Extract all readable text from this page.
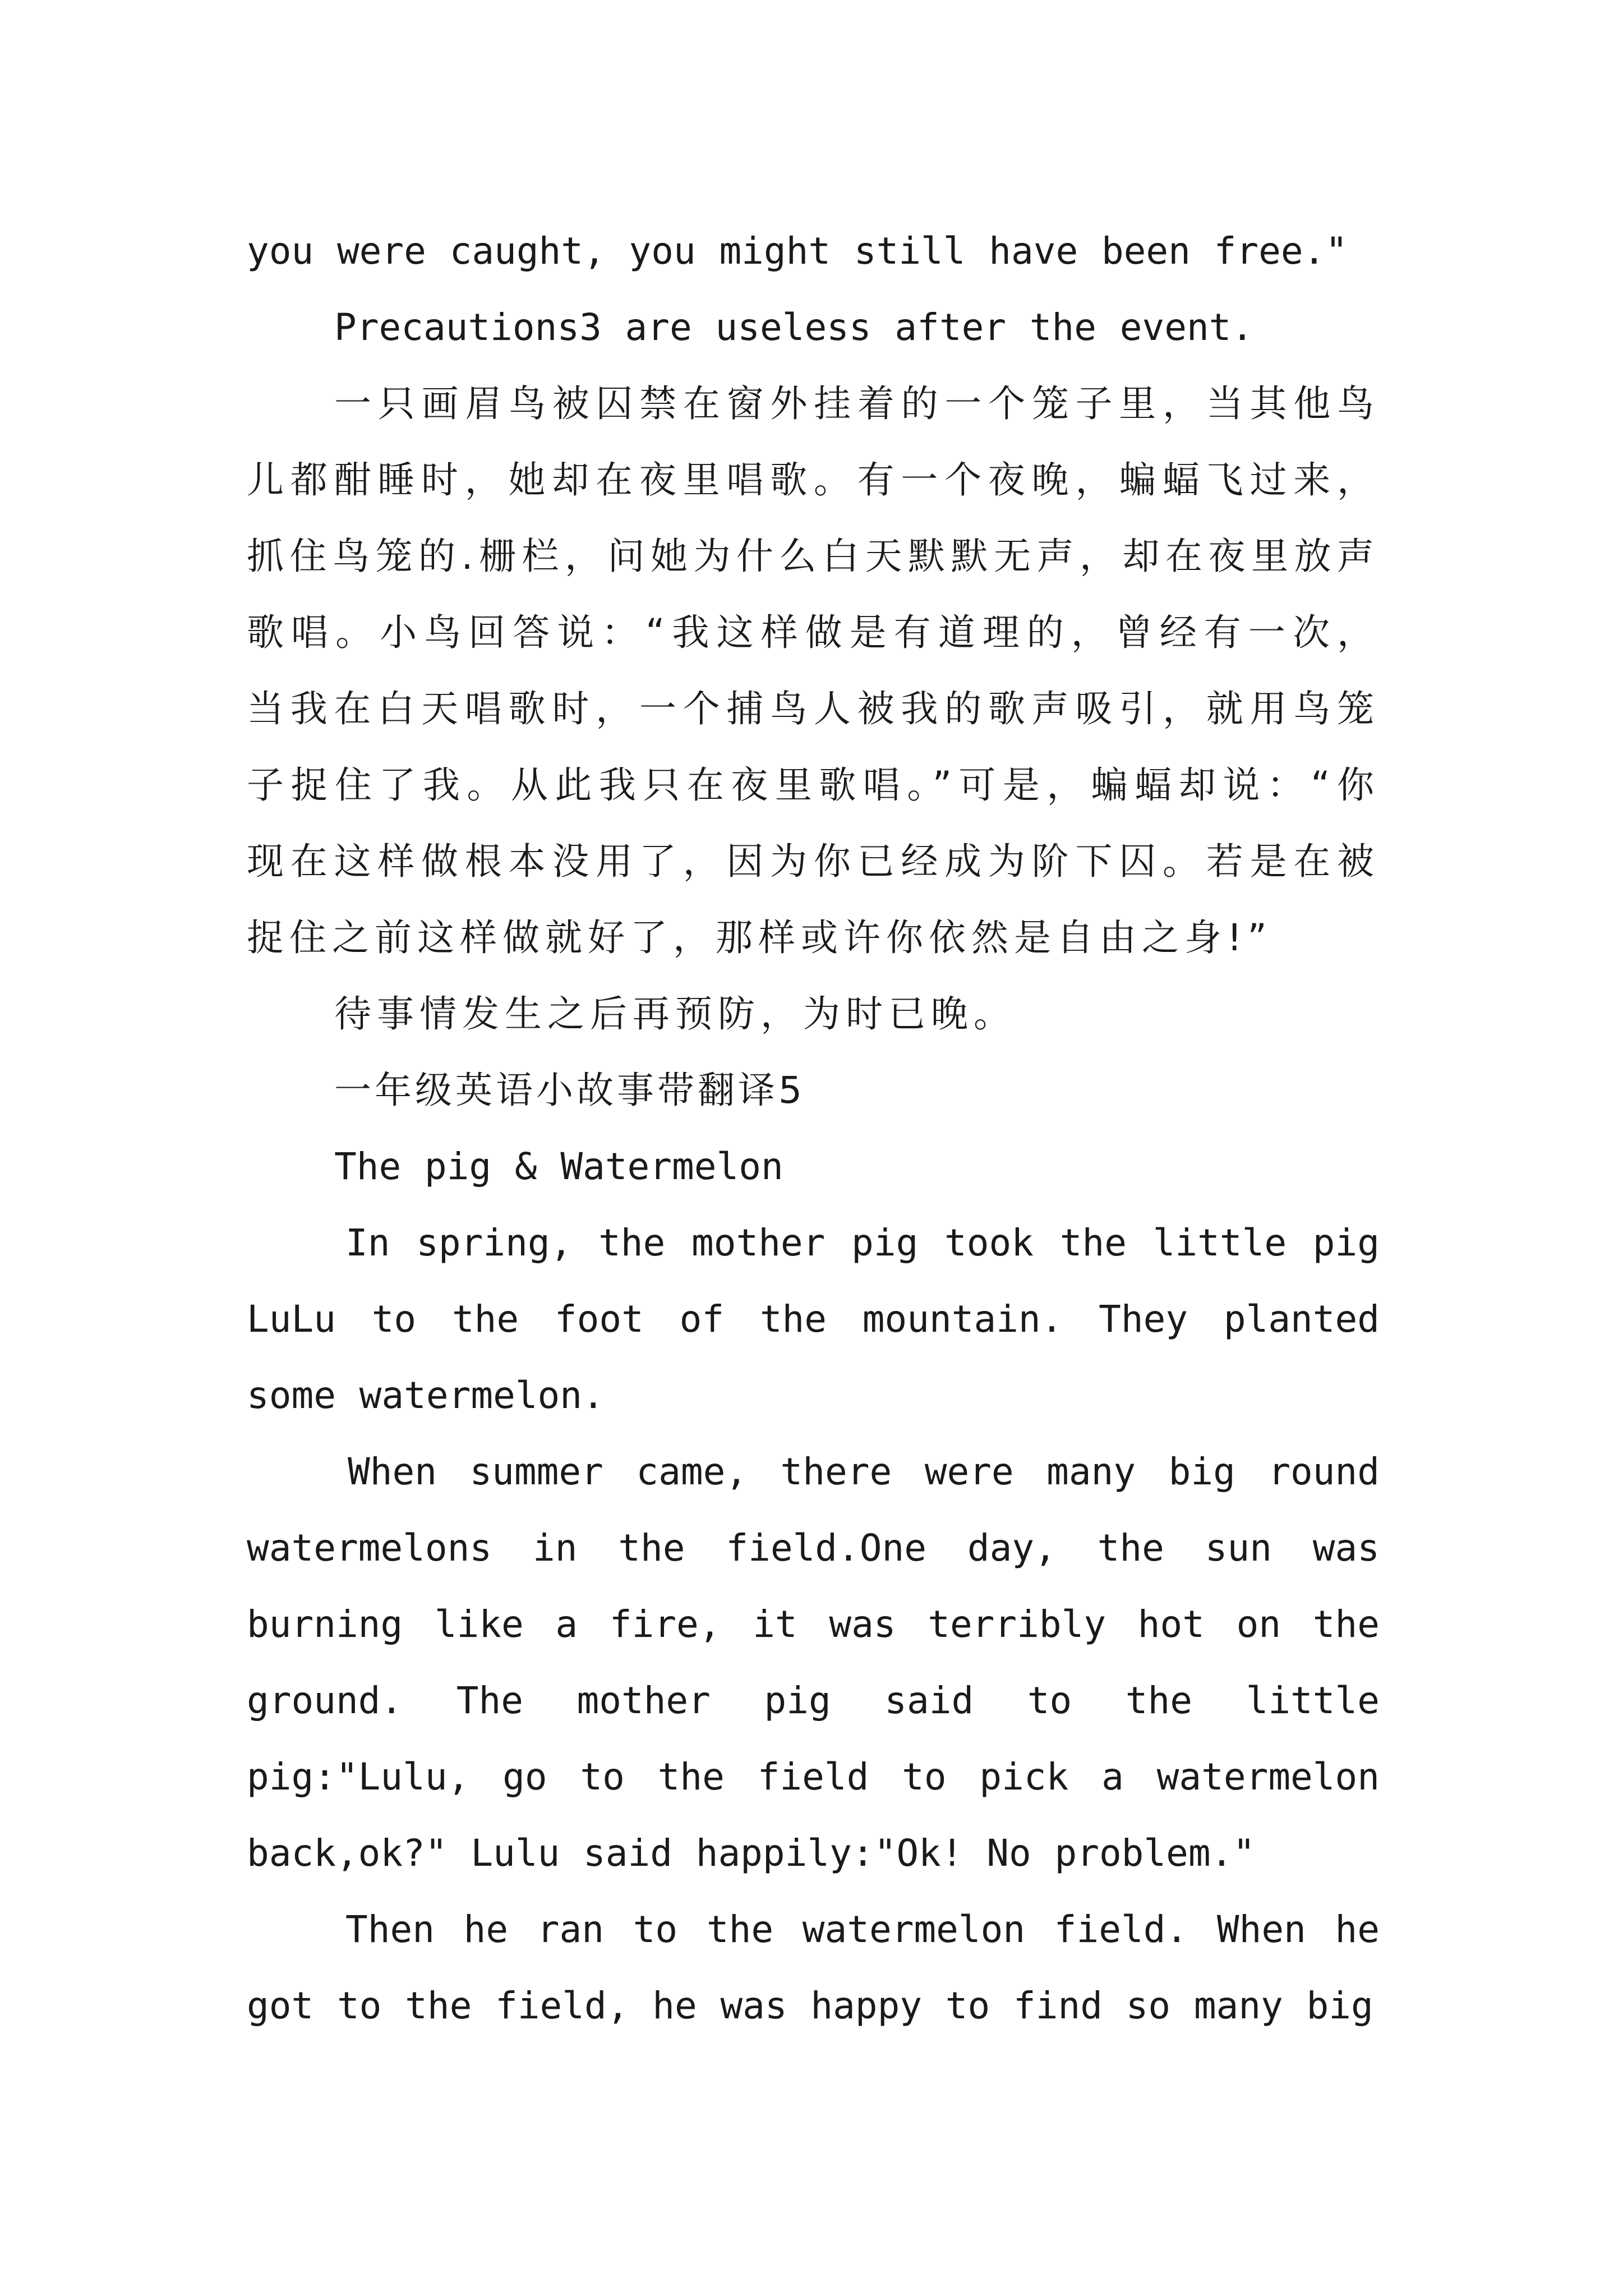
you were caught, you might still have been free."

Precautions3 are useless after the event.

一只画眉鸟被囚禁在窗外挂着的一个笼子里，当其他鸟儿都酣睡时，她却在夜里唱歌。有一个夜晚，蝙蝠飞过来，抓住鸟笼的.栅栏，问她为什么白天默默无声，却在夜里放声歌唱。小鸟回答说：“我这样做是有道理的，曾经有一次，当我在白天唱歌时，一个捕鸟人被我的歌声吸引，就用鸟笼子捉住了我。从此我只在夜里歌唱。”可是，蝙蝠却说：“你现在这样做根本没用了，因为你已经成为阶下囚。若是在被捉住之前这样做就好了，那样或许你依然是自由之身!”

待事情发生之后再预防，为时已晚。

一年级英语小故事带翻译5

The pig & Watermelon

In spring, the mother pig took the little pig LuLu to the foot of the mountain. They planted some watermelon.

When summer came, there were many big round watermelons in the field.One day, the sun was burning like a fire, it was terribly hot on the ground. The mother pig said to the little pig:"Lulu, go to the field to pick a watermelon back,ok?" Lulu said happily:"Ok! No problem."

Then he ran to the watermelon field. When he got to the field, he was happy to find so many big
